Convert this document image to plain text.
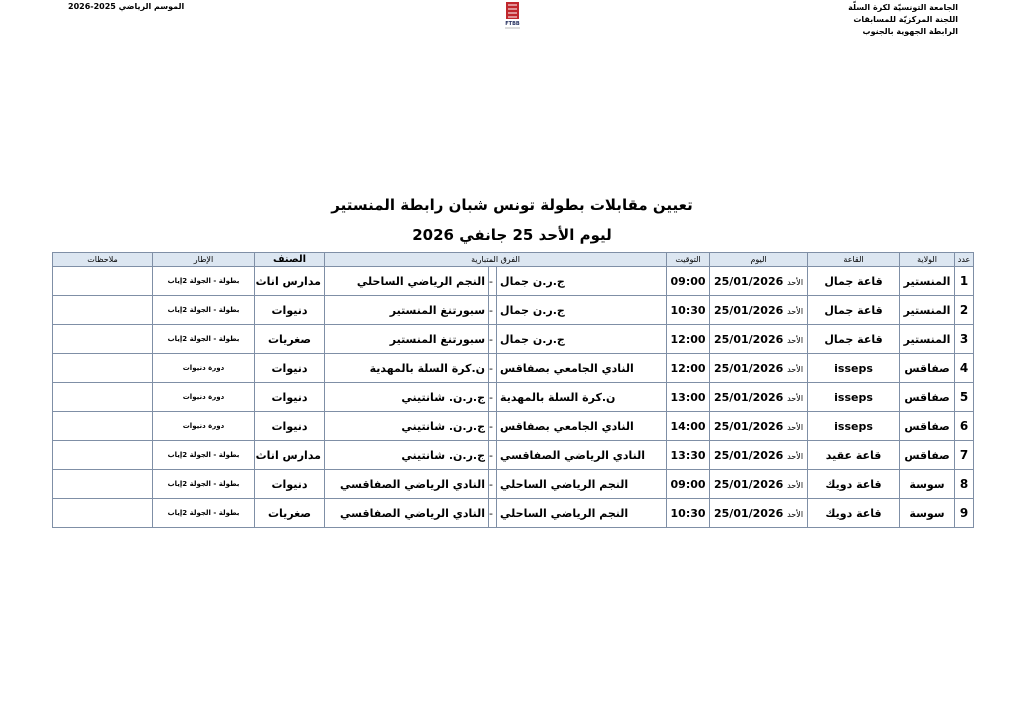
الجامعة التونسيّة لكرة السلّة
اللجنة المركزيّة للمسابقات
الرابطة الجهوية بالجنوب
FTBB
الموسم الرياضي 2025-2026
تعيين مقابلات بطولة تونس شبان رابطة المنستير
ليوم الأحد 25 جانفي 2026
عدد	الولاية	القاعة	اليوم	التوقيت	الفرق المتبارية			الصنف	الإطار	ملاحظات
1	المنستير	قاعة جمال	الأحد 25/01/2026	09:00	ج.ر.ن جمال	-	النجم الرياضي الساحلي	مدارس اناث	بطولة - الجولة 2إياب	
2	المنستير	قاعة جمال	الأحد 25/01/2026	10:30	ج.ر.ن جمال	-	سبورتنغ المنستير	دنيوات	بطولة - الجولة 2إياب	
3	المنستير	قاعة جمال	الأحد 25/01/2026	12:00	ج.ر.ن جمال	-	سبورتنغ المنستير	صغريات	بطولة - الجولة 2إياب	
4	صفاقس	isseps	الأحد 25/01/2026	12:00	النادي الجامعي بصفاقس	-	ن.كرة السلة بالمهدية	دنيوات	دورة دنيوات	
5	صفاقس	isseps	الأحد 25/01/2026	13:00	ن.كرة السلة بالمهدية	-	ج.ر.ن. شانتيني	دنيوات	دورة دنيوات	
6	صفاقس	isseps	الأحد 25/01/2026	14:00	النادي الجامعي بصفاقس	-	ج.ر.ن. شانتيني	دنيوات	دورة دنيوات	
7	صفاقس	قاعة عقيد	الأحد 25/01/2026	13:30	النادي الرياضي الصفاقسي	-	ج.ر.ن. شانتيني	مدارس اناث	بطولة - الجولة 2إياب	
8	سوسة	قاعة دويك	الأحد 25/01/2026	09:00	النجم الرياضي الساحلي	-	النادي الرياضي الصفاقسي	دنيوات	بطولة - الجولة 2إياب	
9	سوسة	قاعة دويك	الأحد 25/01/2026	10:30	النجم الرياضي الساحلي	-	النادي الرياضي الصفاقسي	صغريات	بطولة - الجولة 2إياب	
